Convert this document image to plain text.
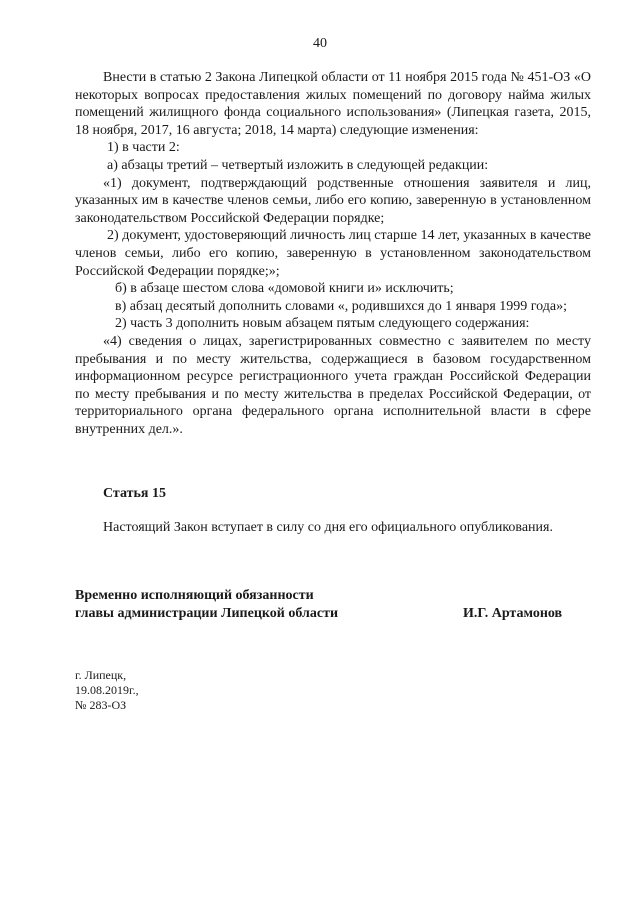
40

Внести в статью 2 Закона Липецкой области от 11 ноября 2015 года № 451-ОЗ «О некоторых вопросах предоставления жилых помещений по договору найма жилых помещений жилищного фонда социального использования» (Липецкая газета, 2015, 18 ноября, 2017, 16 августа; 2018, 14 марта) следующие изменения:

1) в части 2:

а) абзацы третий – четвертый изложить в следующей редакции:

«1) документ, подтверждающий родственные отношения заявителя и лиц, указанных им в качестве членов семьи, либо его копию, заверенную в установленном законодательством Российской Федерации порядке;

2) документ, удостоверяющий личность лиц старше 14 лет, указанных в качестве членов семьи, либо его копию, заверенную в установленном законодательством Российской Федерации порядке;»;

б) в абзаце шестом слова «домовой книги и» исключить;

в) абзац десятый дополнить словами «, родившихся до 1 января 1999 года»;

2) часть 3 дополнить новым абзацем пятым следующего содержания:

«4) сведения о лицах, зарегистрированных совместно с заявителем по месту пребывания и по месту жительства, содержащиеся в базовом государственном информационном ресурсе регистрационного учета граждан Российской Федерации по месту пребывания и по месту жительства в пределах Российской Федерации, от территориального органа федерального органа исполнительной власти в сфере внутренних дел.».

Статья 15
Настоящий Закон вступает в силу со дня его официального опубликования.
Временно исполняющий обязанности
главы администрации Липецкой области	И.Г. Артамонов
г. Липецк,
19.08.2019г.,
№ 283-ОЗ
